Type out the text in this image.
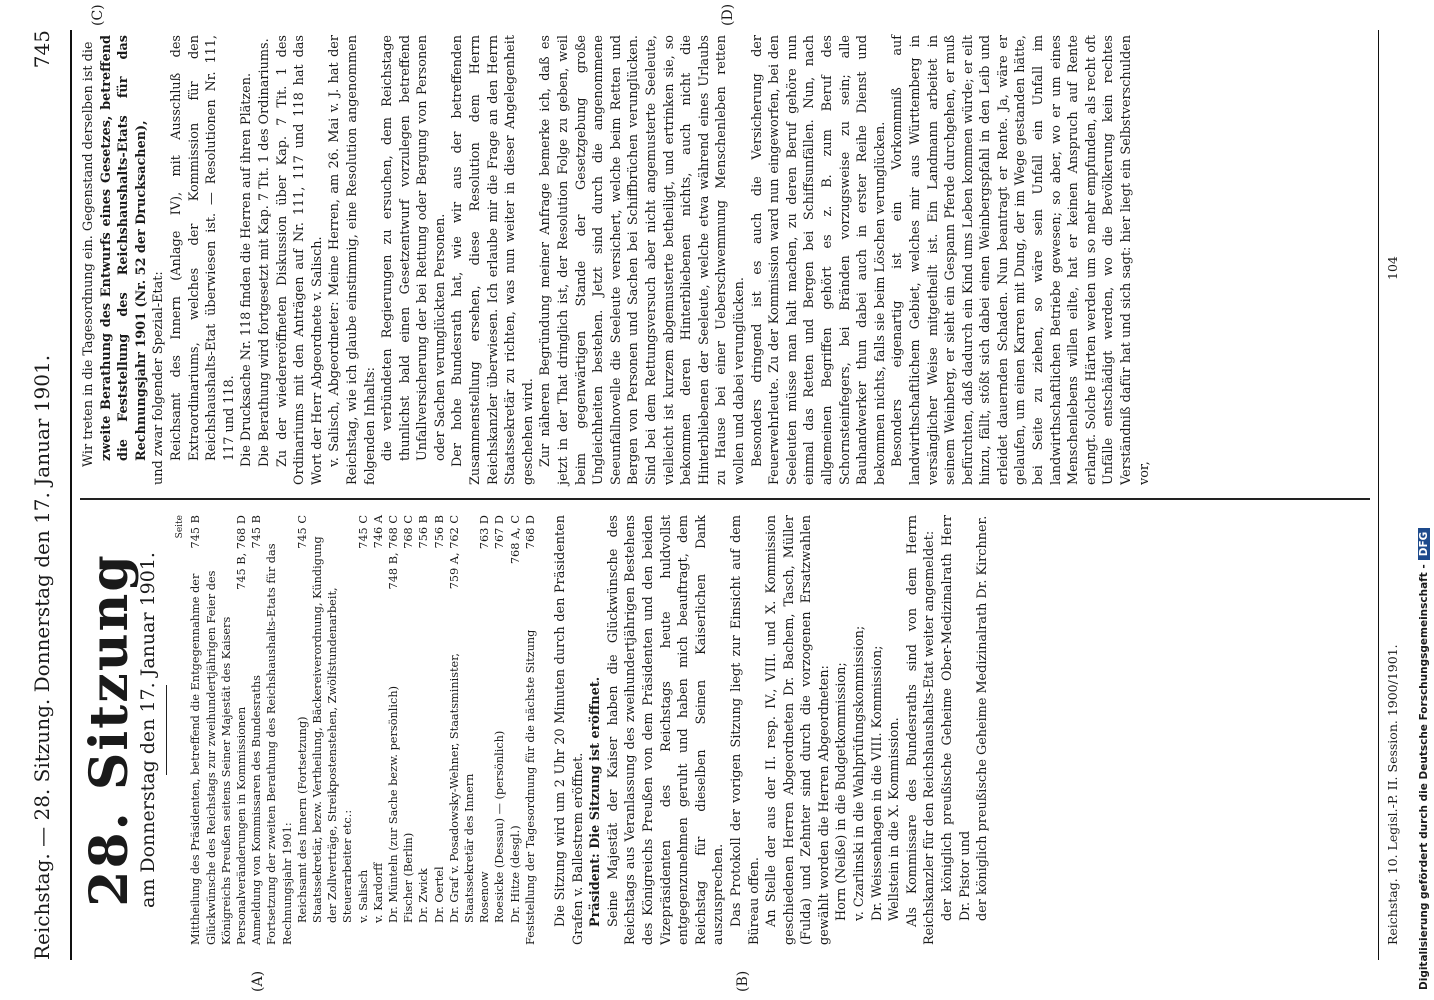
Reichstag. — 28. Sitzung. Donnerstag den 17. Januar 1901.
745
(A)	(B)
(C)	(D)
28. Sitzung
am Donnerstag den 17. Januar 1901.
Seite
Mittheilung des Präsidenten, betreffend die Entgegennahme der Glückwünsche des Reichstags zur zweihundertjährigen Feier des Königreichs Preußen seitens Seiner Majestät des Kaisers
745 B
Personalveränderungen in Kommissionen
745 B, 768 D
Anmeldung von Kommissaren des Bundesraths
745 B
Fortsetzung der zweiten Berathung des Reichshaushalts-Etats für das Rechnungsjahr 1901: Reichsamt des Innern (Fortsetzung)
745 C
Staatssekretär, bezw. Vertheilung, Bäckereiverordnung, Kündigung der Zollverträge, Streikpostenstehen, Zwölfstundenarbeit, Steuerarbeiter etc.: v. Salisch
745 C
v. Kardorff
746 A
Dr. Münteln (zur Sache bezw. persönlich)
748 B, 768 C
Fischer (Berlin)
768 C
Dr. Zwick
756 B
Dr. Oertel
756 B
Dr. Graf v. Posadowsky-Wehner, Staatsminister, Staatssekretär des Innern
759 A, 762 C
Rosenow
763 D
Roesicke (Dessau) — (persönlich)
767 D
Dr. Hitze (desgl.)
768 A, C
Feststellung der Tagesordnung für die nächste Sitzung
768 D Die Sitzung wird um 2 Uhr 20 Minuten durch den Präsidenten Grafen v. Ballestrem eröffnet. Präsident: Die Sitzung ist eröffnet. Seine Majestät der Kaiser haben die Glückwünsche des Reichstags aus Veranlassung des zweihundertjährigen Bestehens des Königreichs Preußen von dem Präsidenten und den beiden Vizepräsidenten des Reichstags heute huldvollst entgegenzunehmen geruht und haben mich beauftragt, dem Reichstag für dieselben Seinen Kaiserlichen Dank auszusprechen. Das Protokoll der vorigen Sitzung liegt zur Einsicht auf dem Büreau offen. An Stelle der aus der II. resp. IV., VIII. und X. Kommission geschiedenen Herren Abgeordneten Dr. Bachem, Tasch, Müller (Fulda) und Zehnter sind durch die vorzogenen Ersatzwahlen gewählt worden die Herren Abgeordneten: Horn (Neiße) in die Budgetkommission; v. Czarlinski in die Wahlprüfungskommission; Dr. Weissenhagen in die VIII. Kommission; Wellstein in die X. Kommission. Als Kommissare des Bundesraths sind von dem Herrn Reichskanzler für den Reichshaushalts-Etat weiter angemeldet: der königlich preußische Geheime Ober-Medizinalrath Herr Dr. Pistor und der königlich preußische Geheime Medizinalrath Dr. Kirchner.

Wir treten in die Tagesordnung ein. Gegenstand derselben ist die zweite Berathung des Entwurfs eines Gesetzes, betreffend die Feststellung des Reichshaushalts-Etats für das Rechnungsjahr 1901 (Nr. 52 der Drucksachen), und zwar folgender Spezial-Etat: Reichsamt des Innern (Anlage IV), mit Ausschluß des Extraordinariums, welches der Kommission für den Reichshaushalts-Etat überwiesen ist. — Resolutionen Nr. 111, 117 und 118. Die Drucksache Nr. 118 finden die Herren auf ihren Plätzen. Die Berathung wird fortgesetzt mit Kap. 7 Tit. 1 des Ordinariums. Zu der wiedereröffneten Diskussion über Kap. 7 Tit. 1 des Ordinariums mit den Anträgen auf Nr. 111, 117 und 118 hat das Wort der Herr Abgeordnete v. Salisch. v. Salisch, Abgeordneter: Meine Herren, am 26. Mai v. J. hat der Reichstag, wie ich glaube einstimmig, eine Resolution angenommen folgenden Inhalts: die verbündeten Regierungen zu ersuchen, dem Reichstage thunlichst bald einen Gesetzentwurf vorzulegen betreffend Unfallversicherung der bei Rettung oder Bergung von Personen oder Sachen verunglückten Personen. Der hohe Bundesrath hat, wie wir aus der betreffenden Zusammenstellung ersehen, diese Resolution dem Herrn Reichskanzler überwiesen. Ich erlaube mir die Frage an den Herrn Staatssekretär zu richten, was nun weiter in dieser Angelegenheit geschehen wird. Zur näheren Begründung meiner Anfrage bemerke ich, daß es jetzt in der That dringlich ist, der Resolution Folge zu geben, weil beim gegenwärtigen Stande der Gesetzgebung große Ungleichheiten bestehen. Jetzt sind durch die angenommene Seeunfallnovelle die Seeleute versichert, welche beim Retten und Bergen von Personen und Sachen bei Schiffbrüchen verunglücken. Sind bei dem Rettungsversuch aber nicht angemusterte Seeleute, vielleicht ist kurzem abgemusterte betheiligt, und ertrinken sie, so bekommen deren Hinterbliebenen nichts, auch nicht die Hinterbliebenen der Seeleute, welche etwa während eines Urlaubs zu Hause bei einer Ueberschwemmung Menschenleben retten wollen und dabei verunglücken. Besonders dringend ist es auch die Versicherung der Feuerwehrleute. Zu der Kommission ward nun eingeworfen, bei den Seeleuten müsse man halt machen, zu deren Beruf gehöre nun einmal das Retten und Bergen bei Schiffsunfällen. Nun, nach allgemeinen Begriffen gehört es z. B. zum Beruf des Schornsteinfegers, bei Bränden vorzugsweise zu sein; alle Bauhandwerker thun dabei auch in erster Reihe Dienst und bekommen nichts, falls sie beim Löschen verunglücken. Besonders eigenartig ist ein Vorkommniß auf landwirthschaftlichem Gebiet, welches mir aus Württemberg in versänglicher Weise mitgetheilt ist. Ein Landmann arbeitet in seinem Weinberg, er sieht ein Gespann Pferde durchgehen, er muß befürchten, daß dadurch ein Kind ums Leben kommen würde; er eilt hinzu, fällt, stößt sich dabei einen Weinbergspfahl in den Leib und erleidet dauernden Schaden. Nun beantragt er Rente. Ja, wäre er gelaufen, um einen Karren mit Dung, der im Wege gestanden hätte, bei Seite zu ziehen, so wäre sein Unfall ein Unfall im landwirthschaftlichen Betriebe gewesen; so aber, wo er um eines Menschenlebens willen eilte, hat er keinen Anspruch auf Rente erlangt. Solche Härten werden um so mehr empfunden, als recht oft Unfälle entschädigt werden, wo die Bevölkerung kein rechtes Verständniß dafür hat und sich sagt: hier liegt ein Selbstverschulden vor,

Reichstag. 10. Legisl.-P. II. Session. 1900/1901.
104
Digitalisierung gefördert durch die Deutsche Forschungsgemeinschaft -DFG
